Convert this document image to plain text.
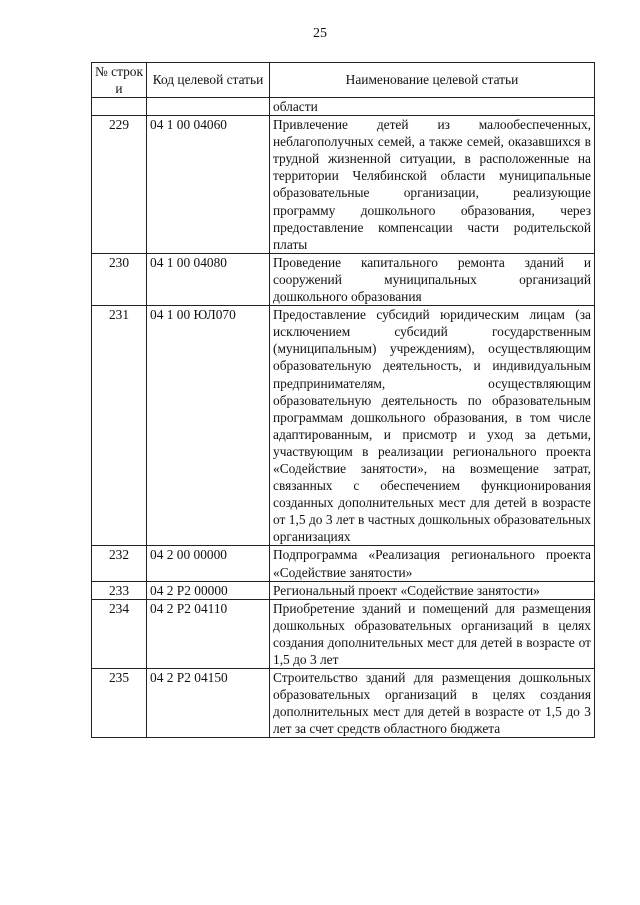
25
№ строк и	Код целевой статьи	Наименование целевой статьи
		области
229	04 1 00 04060	Привлечение детей из малообеспеченных, неблагополучных семей, а также семей, оказавшихся в трудной жизненной ситуации, в расположенные на территории Челябинской области муниципальные образовательные организации, реализующие программу дошкольного образования, через предоставление компенсации части родительской платы
230	04 1 00 04080	Проведение капитального ремонта зданий и сооружений муниципальных организаций дошкольного образования
231	04 1 00 ЮЛ070	Предоставление субсидий юридическим лицам (за исключением субсидий государственным (муниципальным) учреждениям), осуществляющим образовательную деятельность, и индивидуальным предпринимателям, осуществляющим образовательную деятельность по образовательным программам дошкольного образования, в том числе адаптированным, и присмотр и уход за детьми, участвующим в реализации регионального проекта «Содействие занятости», на возмещение затрат, связанных с обеспечением функционирования созданных дополнительных мест для детей в возрасте от 1,5 до 3 лет в частных дошкольных образовательных организациях
232	04 2 00 00000	Подпрограмма «Реализация регионального проекта «Содействие занятости»
233	04 2 P2 00000	Региональный проект «Содействие занятости»
234	04 2 P2 04110	Приобретение зданий и помещений для размещения дошкольных образовательных организаций в целях создания дополнительных мест для детей в возрасте от 1,5 до 3 лет
235	04 2 P2 04150	Строительство зданий для размещения дошкольных образовательных организаций в целях создания дополнительных мест для детей в возрасте от 1,5 до 3 лет за счет средств областного бюджета
